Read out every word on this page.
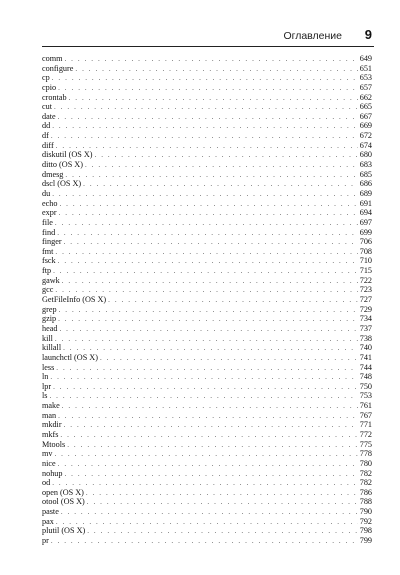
Оглавление 9
comm . . .	649
configure . . .	651
cp . . .	653
cpio . . .	657
crontab . . .	662
cut . . .	665
date . . .	667
dd . . .	669
df . . .	672
diff . . .	674
diskutil (OS X) . . .	680
ditto (OS X) . . .	683
dmesg . . .	685
dscl (OS X) . . .	686
du . . .	689
echo . . .	691
expr . . .	694
file . . .	697
find . . .	699
finger . . .	706
fmt . . .	708
fsck . . .	710
ftp . . .	715
gawk . . .	722
gcc . . .	723
GetFileInfo (OS X) . . .	727
grep . . .	729
gzip . . .	734
head . . .	737
kill . . .	738
killall . . .	740
launchctl (OS X) . . .	741
less . . .	744
ln . . .	748
lpr . . .	750
ls . . .	753
make . . .	761
man . . .	767
mkdir . . .	771
mkfs . . .	772
Mtools . . .	775
mv . . .	778
nice . . .	780
nohup . . .	782
od . . .	782
open (OS X) . . .	786
otool (OS X) . . .	788
paste . . .	790
pax . . .	792
plutil (OS X) . . .	798
pr . . .	799
